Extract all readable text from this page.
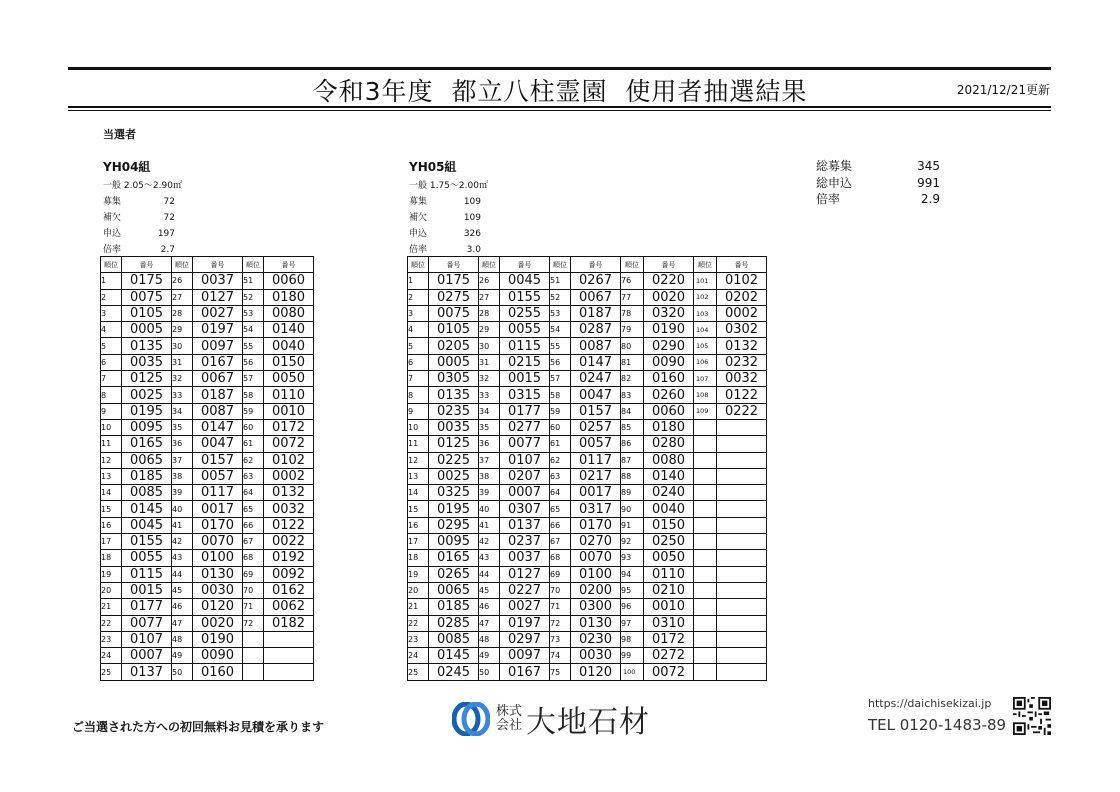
令和3年度  都立八柱霊園  使用者抽選結果	2021/12/21更新
当選者
YH04組
一般 2.05～2.90㎡
募集	72
補欠	72
申込	197
倍率	2.7
順位	番号	順位	番号	順位	番号
1	0175	26	0037	51	0060
2	0075	27	0127	52	0180
3	0105	28	0027	53	0080
4	0005	29	0197	54	0140
5	0135	30	0097	55	0040
6	0035	31	0167	56	0150
7	0125	32	0067	57	0050
8	0025	33	0187	58	0110
9	0195	34	0087	59	0010
10	0095	35	0147	60	0172
11	0165	36	0047	61	0072
12	0065	37	0157	62	0102
13	0185	38	0057	63	0002
14	0085	39	0117	64	0132
15	0145	40	0017	65	0032
16	0045	41	0170	66	0122
17	0155	42	0070	67	0022
18	0055	43	0100	68	0192
19	0115	44	0130	69	0092
20	0015	45	0030	70	0162
21	0177	46	0120	71	0062
22	0077	47	0020	72	0182
23	0107	48	0190		
24	0007	49	0090		
25	0137	50	0160		
YH05組
一般 1.75～2.00㎡
募集	109
補欠	109
申込	326
倍率	3.0
順位	番号	順位	番号	順位	番号	順位	番号	順位	番号
1	0175	26	0045	51	0267	76	0220	101	0102
2	0275	27	0155	52	0067	77	0020	102	0202
3	0075	28	0255	53	0187	78	0320	103	0002
4	0105	29	0055	54	0287	79	0190	104	0302
5	0205	30	0115	55	0087	80	0290	105	0132
6	0005	31	0215	56	0147	81	0090	106	0232
7	0305	32	0015	57	0247	82	0160	107	0032
8	0135	33	0315	58	0047	83	0260	108	0122
9	0235	34	0177	59	0157	84	0060	109	0222
10	0035	35	0277	60	0257	85	0180		
11	0125	36	0077	61	0057	86	0280		
12	0225	37	0107	62	0117	87	0080		
13	0025	38	0207	63	0217	88	0140		
14	0325	39	0007	64	0017	89	0240		
15	0195	40	0307	65	0317	90	0040		
16	0295	41	0137	66	0170	91	0150		
17	0095	42	0237	67	0270	92	0250		
18	0165	43	0037	68	0070	93	0050		
19	0265	44	0127	69	0100	94	0110		
20	0065	45	0227	70	0200	95	0210		
21	0185	46	0027	71	0300	96	0010		
22	0285	47	0197	72	0130	97	0310		
23	0085	48	0297	73	0230	98	0172		
24	0145	49	0097	74	0030	99	0272		
25	0245	50	0167	75	0120	100	0072		
総募集	345
総申込	991
倍率	2.9
ご当選された方への初回無料お見積を承ります
株式
会社 大地石材
https://daichisekizai.jp
TEL 0120-1483-89
